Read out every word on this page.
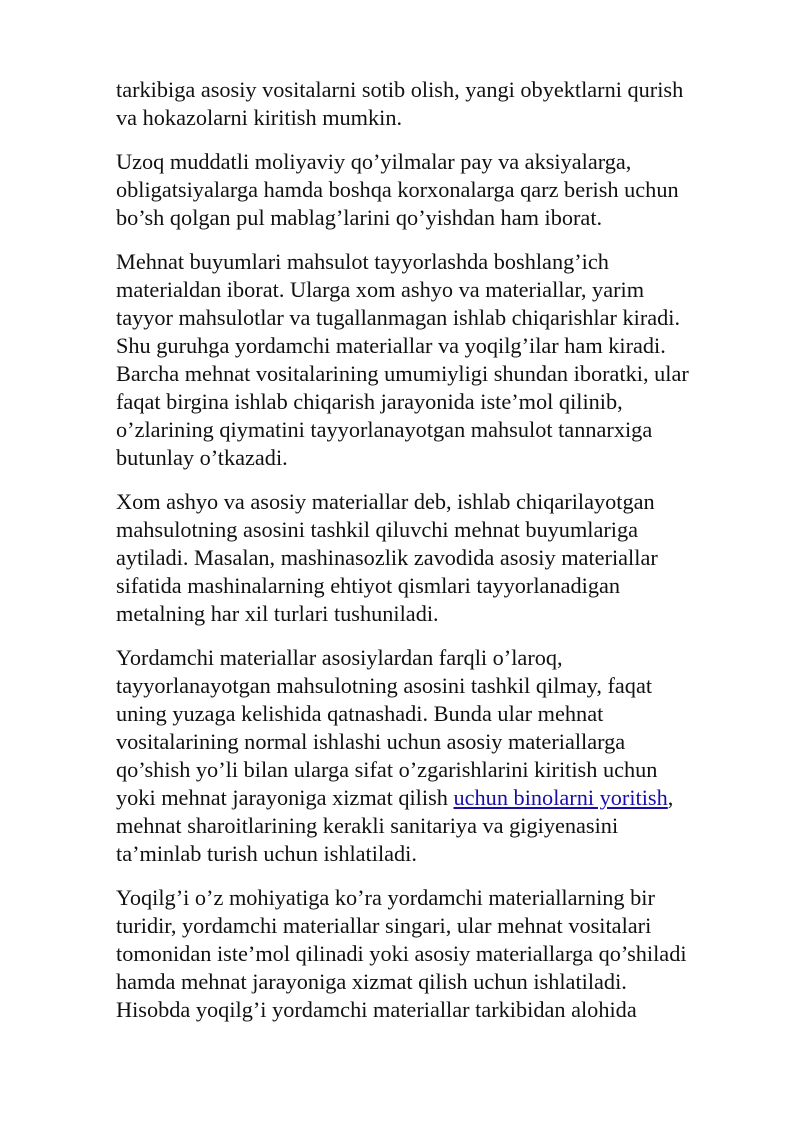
tarkibiga asosiy vositalarni sotib olish, yangi obyektlarni qurish
va hokazolarni kiritish mumkin.

Uzoq muddatli moliyaviy qo’yilmalar pay va aksiyalarga,
obligatsiyalarga hamda boshqa korxonalarga qarz berish uchun
bo’sh qolgan pul mablag’larini qo’yishdan ham iborat.

Mehnat buyumlari mahsulot tayyorlashda boshlang’ich
materialdan iborat. Ularga xom ashyo va materiallar, yarim
tayyor mahsulotlar va tugallanmagan ishlab chiqarishlar kiradi.
Shu guruhga yordamchi materiallar va yoqilg’ilar ham kiradi.
Barcha mehnat vositalarining umumiyligi shundan iboratki, ular
faqat birgina ishlab chiqarish jarayonida iste’mol qilinib,
o’zlarining qiymatini tayyorlanayotgan mahsulot tannarxiga
butunlay o’tkazadi.

Xom ashyo va asosiy materiallar deb, ishlab chiqarilayotgan
mahsulotning asosini tashkil qiluvchi mehnat buyumlariga
aytiladi. Masalan, mashinasozlik zavodida asosiy materiallar
sifatida mashinalarning ehtiyot qismlari tayyorlanadigan
metalning har xil turlari tushuniladi.

Yordamchi materiallar asosiylardan farqli o’laroq,
tayyorlanayotgan mahsulotning asosini tashkil qilmay, faqat
uning yuzaga kelishida qatnashadi. Bunda ular mehnat
vositalarining normal ishlashi uchun asosiy materiallarga
qo’shish yo’li bilan ularga sifat o’zgarishlarini kiritish uchun
yoki mehnat jarayoniga xizmat qilish uchun binolarni yoritish,
mehnat sharoitlarining kerakli sanitariya va gigiyenasini
ta’minlab turish uchun ishlatiladi.

Yoqilg’i o’z mohiyatiga ko’ra yordamchi materiallarning bir
turidir, yordamchi materiallar singari, ular mehnat vositalari
tomonidan iste’mol qilinadi yoki asosiy materiallarga qo’shiladi
hamda mehnat jarayoniga xizmat qilish uchun ishlatiladi.
Hisobda yoqilg’i yordamchi materiallar tarkibidan alohida
